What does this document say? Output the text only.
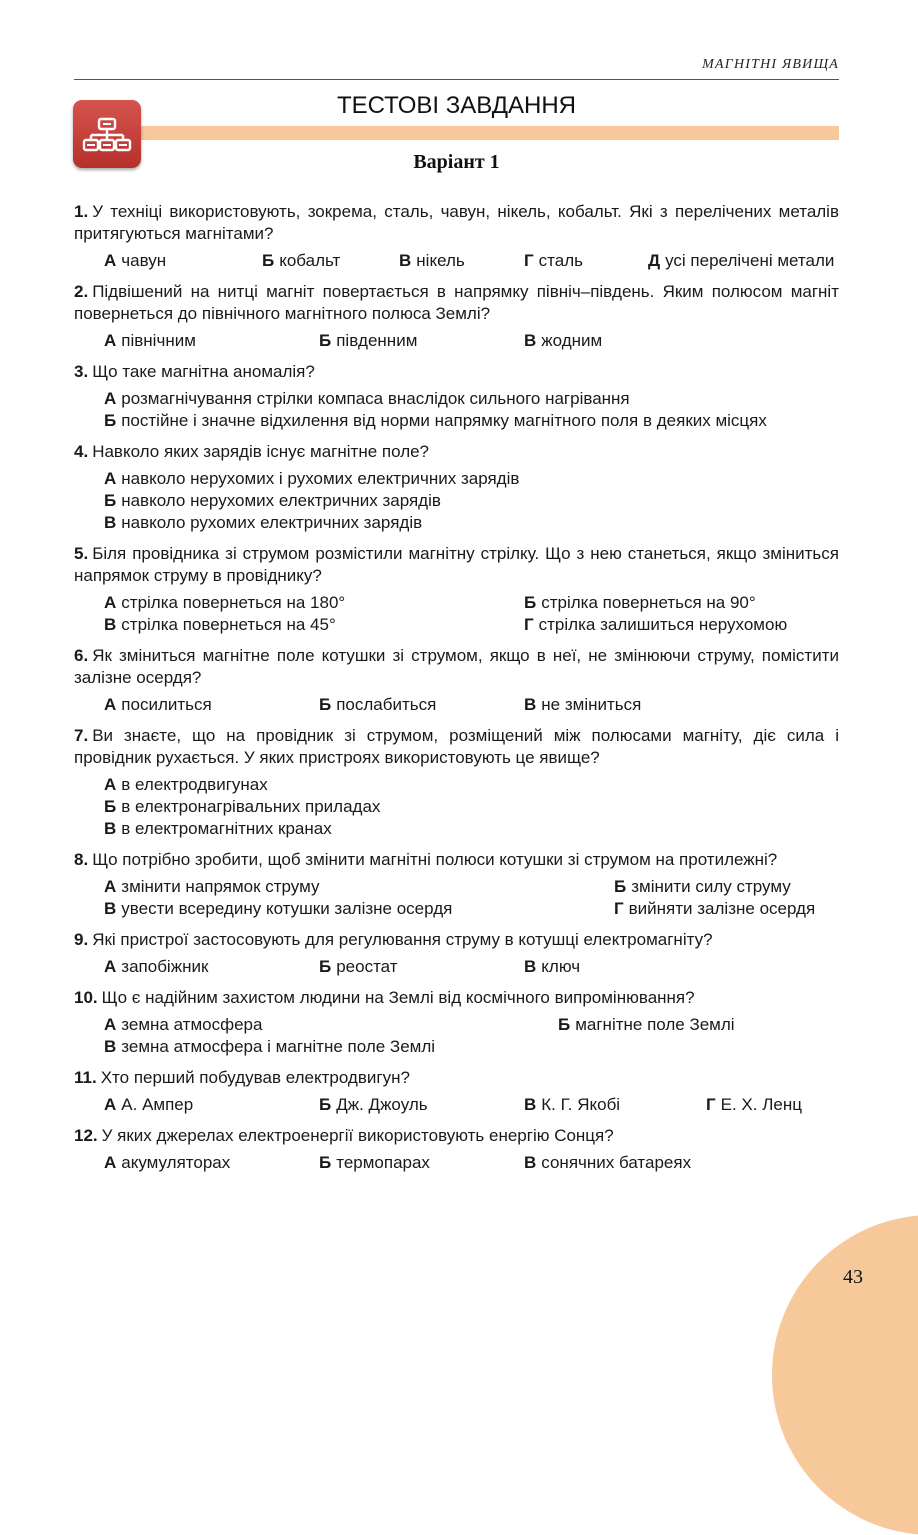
МАГНІТНІ ЯВИЩА
ТЕСТОВІ ЗАВДАННЯ
Варіант 1
1. У техніці використовують, зокрема, сталь, чавун, нікель, кобальт. Які з перелічених металів притягуються магнітами?
А чавун	Б кобальт	В нікель	Г сталь	Д усі перелічені метали
2. Підвішений на нитці магніт повертається в напрямку північ–південь. Яким полюсом магніт повернеться до північного магнітного полюса Землі?
А північним	Б південним	В жодним
3. Що таке магнітна аномалія?
А розмагнічування стрілки компаса внаслідок сильного нагрівання
Б постійне і значне відхилення від норми напрямку магнітного поля в деяких місцях
4. Навколо яких зарядів існує магнітне поле?
А навколо нерухомих і рухомих електричних зарядів
Б навколо нерухомих електричних зарядів
В навколо рухомих електричних зарядів
5. Біля провідника зі струмом розмістили магнітну стрілку. Що з нею станеться, якщо зміниться напрямок струму в провіднику?
А стрілка повернеться на 180°	Б стрілка повернеться на 90°
В стрілка повернеться на 45°	Г стрілка залишиться нерухомою
6. Як зміниться магнітне поле котушки зі струмом, якщо в неї, не змінюючи струму, помістити залізне осердя?
А посилиться	Б послабиться	В не зміниться
7. Ви знаєте, що на провідник зі струмом, розміщений між полюсами магніту, діє сила і провідник рухається. У яких пристроях використовують це явище?
А в електродвигунах
Б в електронагрівальних приладах
В в електромагнітних кранах
8. Що потрібно зробити, щоб змінити магнітні полюси котушки зі струмом на протилежні?
А змінити напрямок струму	Б змінити силу струму
В увести всередину котушки залізне осердя	Г вийняти залізне осердя
9. Які пристрої застосовують для регулювання струму в котушці електромагніту?
А запобіжник	Б реостат	В ключ
10. Що є надійним захистом людини на Землі від космічного випромінювання?
А земна атмосфера	Б магнітне поле Землі
В земна атмосфера і магнітне поле Землі
11. Хто перший побудував електродвигун?
А А. Ампер	Б Дж. Джоуль	В К. Г. Якобі	Г Е. Х. Ленц
12. У яких джерелах електроенергії використовують енергію Сонця?
А акумуляторах	Б термопарах	В сонячних батареях
43
